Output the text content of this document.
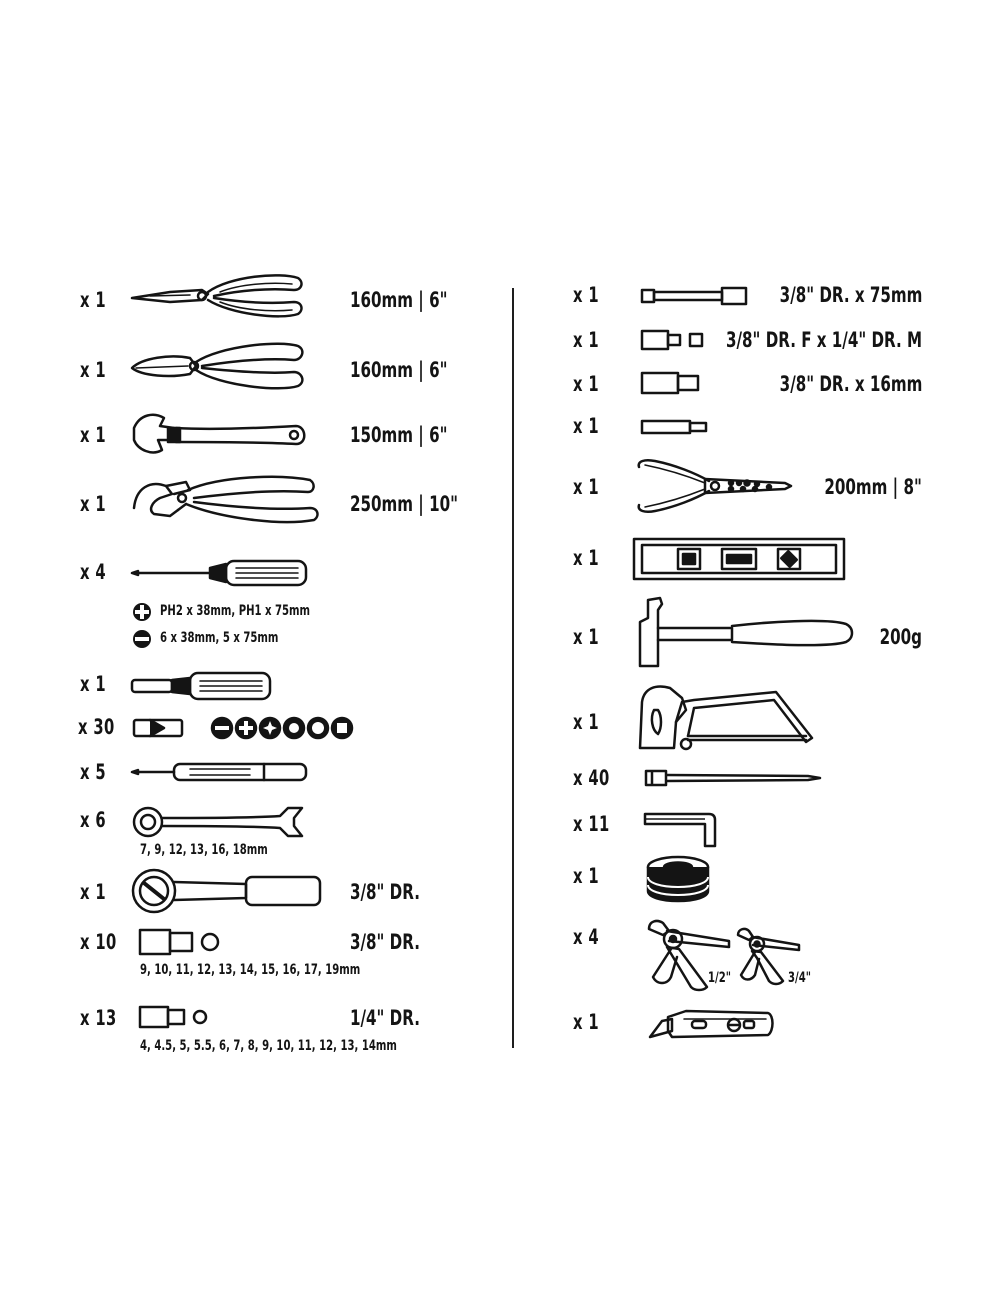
x 1	160mm | 6"
x 1	160mm | 6"
x 1	150mm | 6"
x 1	250mm | 10"
x 4
PH2 x 38mm, PH1 x 75mm
6 x 38mm, 5 x 75mm
x 1
x 30
x 5
x 6
7, 9, 12, 13, 16, 18mm
x 1	3/8" DR.
x 10	3/8" DR.
9, 10, 11, 12, 13, 14, 15, 16, 17, 19mm
x 13	1/4" DR.
4, 4.5, 5, 5.5, 6, 7, 8, 9, 10, 11, 12, 13, 14mm
x 1	3/8" DR. x 75mm
x 1	3/8" DR. F x 1/4" DR. M
x 1	3/8" DR. x 16mm
x 1
x 1	200mm | 8"
x 1
x 1	200g
x 1
x 40
x 11
x 1
x 4
1/2"	3/4"
x 1
